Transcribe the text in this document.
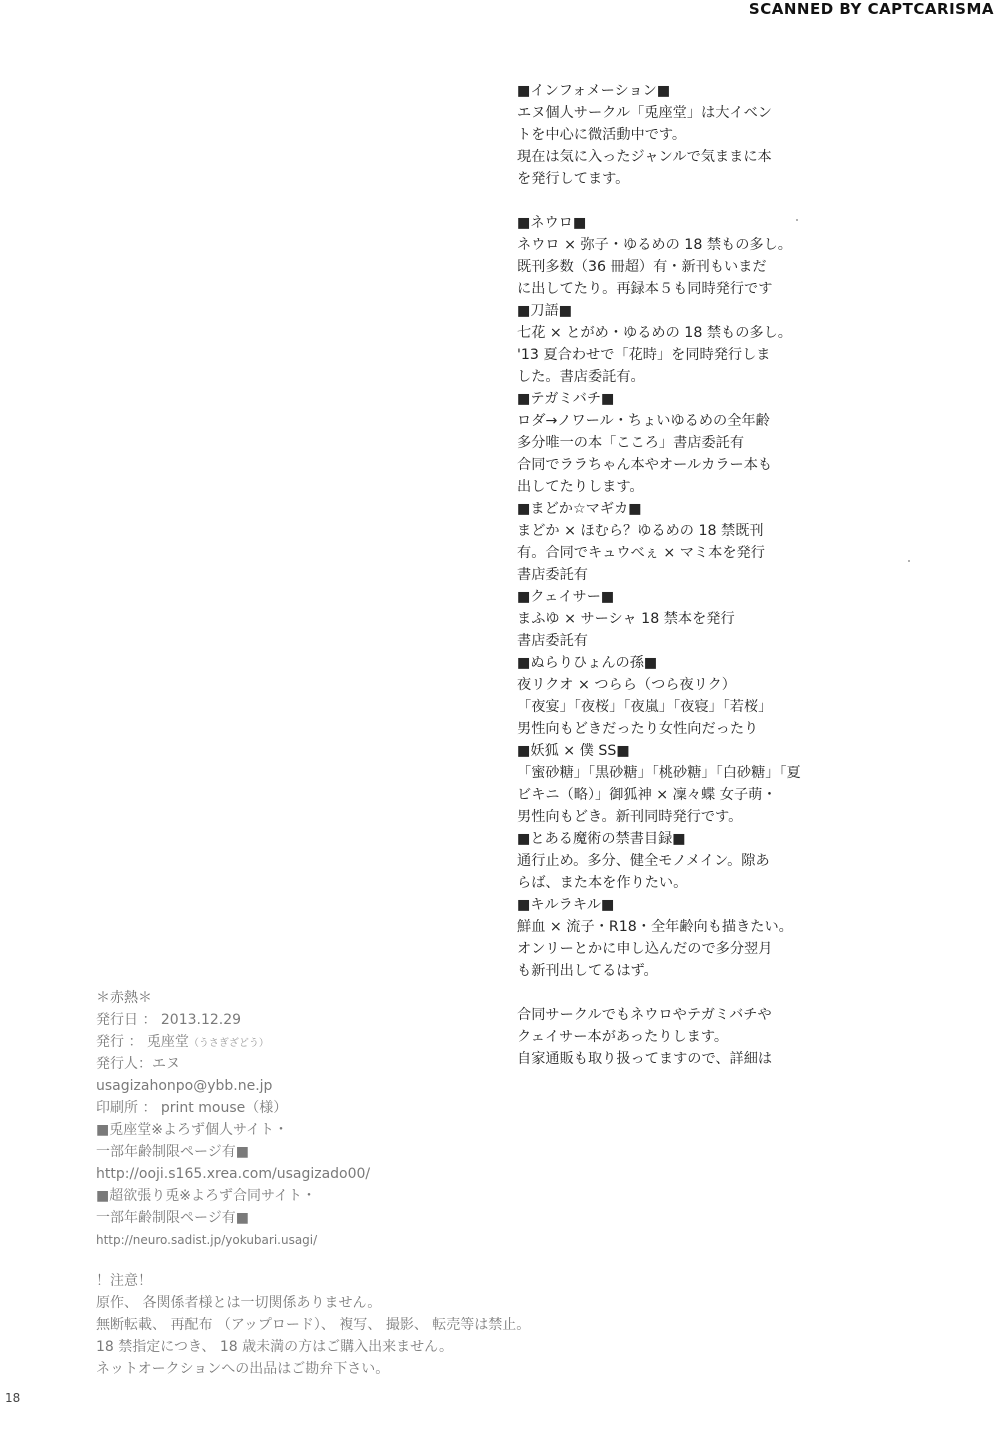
SCANNED BY CAPTCARISMA
■インフォメーション■
エヌ個人サークル「兎座堂」は大イベン
トを中心に微活動中です。
現在は気に入ったジャンルで気ままに本
を発行してます。
■ネウロ■
ネウロ × 弥子・ゆるめの 18 禁もの多し。
既刊多数（36 冊超）有・新刊もいまだ
に出してたり。再録本５も同時発行です
■刀語■
七花 × とがめ・ゆるめの 18 禁もの多し。
'13 夏合わせで「花時」を同時発行しま
した。書店委託有。
■テガミバチ■
ロダ→ノワール・ちょいゆるめの全年齢
多分唯一の本「こころ」書店委託有
合同でララちゃん本やオールカラー本も
出してたりします。
■まどか☆マギカ■
まどか × ほむら？ゆるめの 18 禁既刊
有。合同でキュウべぇ × マミ本を発行
書店委託有
■クェイサー■
まふゆ × サーシャ 18 禁本を発行
書店委託有
■ぬらりひょんの孫■
夜リクオ × つらら（つら夜リク）
「夜宴」「夜桜」「夜嵐」「夜寝」「若桜」
男性向もどきだったり女性向だったり
■妖狐 × 僕 SS■
「蜜砂糖」「黒砂糖」「桃砂糖」「白砂糖」「夏
ビキニ（略）」御狐神 × 凜々蝶 女子萌・
男性向もどき。新刊同時発行です。
■とある魔術の禁書目録■
通行止め。多分、健全モノメイン。隙あ
らば、また本を作りたい。
■キルラキル■
鮮血 × 流子・R18・全年齢向も描きたい。
オンリーとかに申し込んだので多分翌月
も新刊出してるはず。
合同サークルでもネウロやテガミバチや
クェイサー本があったりします。
自家通販も取り扱ってますので、詳細は
＊赤熱＊
発行日 ： 2013.12.29
発行 ： 兎座堂（うさぎざどう）
発行人：エヌ
usagizahonpo@ybb.ne.jp
印刷所 ： print mouse（様）
■兎座堂※よろず個人サイト・
一部年齢制限ページ有■
http://ooji.s165.xrea.com/usagizado00/
■超欲張り兎※よろず合同サイト・
一部年齢制限ページ有■
http://neuro.sadist.jp/yokubari.usagi/
！注意！
原作、 各関係者様とは一切関係ありません。
無断転載、 再配布 （アップロード）、 複写、 撮影、 転売等は禁止。
18 禁指定につき、 18 歳未満の方はご購入出来ません。
ネットオークションへの出品はご勘弁下さい。
18
